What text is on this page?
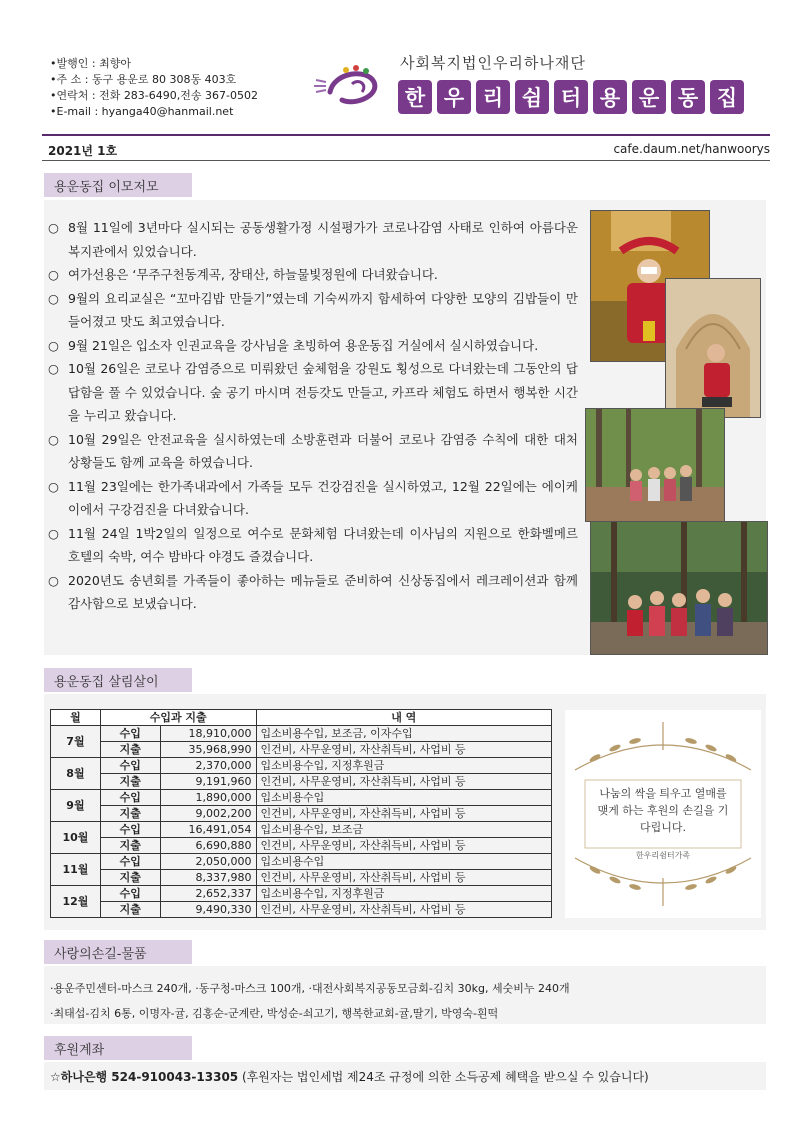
•발행인 : 최향아
•주 소 : 동구 용운로 80 308동 403호
•연락처 : 전화 283-6490,전송 367-0502
•E-mail : hyanga40@hanmail.net
사회복지법인우리하나재단
한 우 리 쉼 터 용 운 동 집
2021년 1호	cafe.daum.net/hanwoorys
용운동집 이모저모
○ 8월 11일에 3년마다 실시되는 공동생활가정 시설평가가 코로나감염 사태로 인하여 아름다운복지관에서 있었습니다.
○ 여가선용은 ‘무주구천동계곡, 장태산, 하늘물빛정원에 다녀왔습니다.
○ 9월의 요리교실은 “꼬마김밥 만들기”였는데 기숙씨까지 함세하여 다양한 모양의 김밥들이 만들어졌고 맛도 최고였습니다.
○ 9월 21일은 입소자 인권교육을 강사님을 초빙하여 용운동집 거실에서 실시하였습니다.
○ 10월 26일은 코로나 감염증으로 미뤄왔던 숲체험을 강원도 횡성으로 다녀왔는데 그동안의 답답함을 풀 수 있었습니다. 숲 공기 마시며 전등갓도 만들고, 카프라 체험도 하면서 행복한 시간을 누리고 왔습니다.
○ 10월 29일은 안전교육을 실시하였는데 소방훈련과 더불어 코로나 감염증 수칙에 대한 대처 상황들도 함께 교육을 하였습니다.
○ 11월 23일에는 한가족내과에서 가족들 모두 건강검진을 실시하였고, 12월 22일에는 에이케이에서 구강검진을 다녀왔습니다.
○ 11월 24일 1박2일의 일정으로 여수로 문화체험 다녀왔는데 이사님의 지원으로 한화벨메르 호텔의 숙박, 여수 밤바다 야경도 즐겼습니다.
○ 2020년도 송년회를 가족들이 좋아하는 메뉴들로 준비하여 신상동집에서 레크레이션과 함께 감사함으로 보냈습니다.
용운동집 살림살이
월	수입과 지출		내 역
7월	수입	18,910,000	입소비용수입, 보조금, 이자수입
	지출	35,968,990	인건비, 사무운영비, 자산취득비, 사업비 등
8월	수입	2,370,000	입소비용수입, 지정후원금
	지출	9,191,960	인건비, 사무운영비, 자산취득비, 사업비 등
9월	수입	1,890,000	입소비용수입
	지출	9,002,200	인건비, 사무운영비, 자산취득비, 사업비 등
10월	수입	16,491,054	입소비용수입, 보조금
	지출	6,690,880	인건비, 사무운영비, 자산취득비, 사업비 등
11월	수입	2,050,000	입소비용수입
	지출	8,337,980	인건비, 사무운영비, 자산취득비, 사업비 등
12월	수입	2,652,337	입소비용수입, 지정후원금
	지출	9,490,330	인건비, 사무운영비, 자산취득비, 사업비 등
나눔의 싹을 틔우고 열매를
맺게 하는 후원의 손길을 기
다립니다.
한우리쉼터가족
사랑의손길-물품
·용운주민센터-마스크 240개, ·동구청-마스크 100개, ·대전사회복지공동모금회-김치 30kg, 세숫비누 240개
·최태섭-김치 6통, 이명자-귤, 김홍순-군계란, 박성순-쇠고기, 행복한교회-귤,딸기, 박영숙-흰떡
후원계좌
☆하나은행 524-910043-13305 (후원자는 법인세법 제24조 규정에 의한 소득공제 혜택을 받으실 수 있습니다)
